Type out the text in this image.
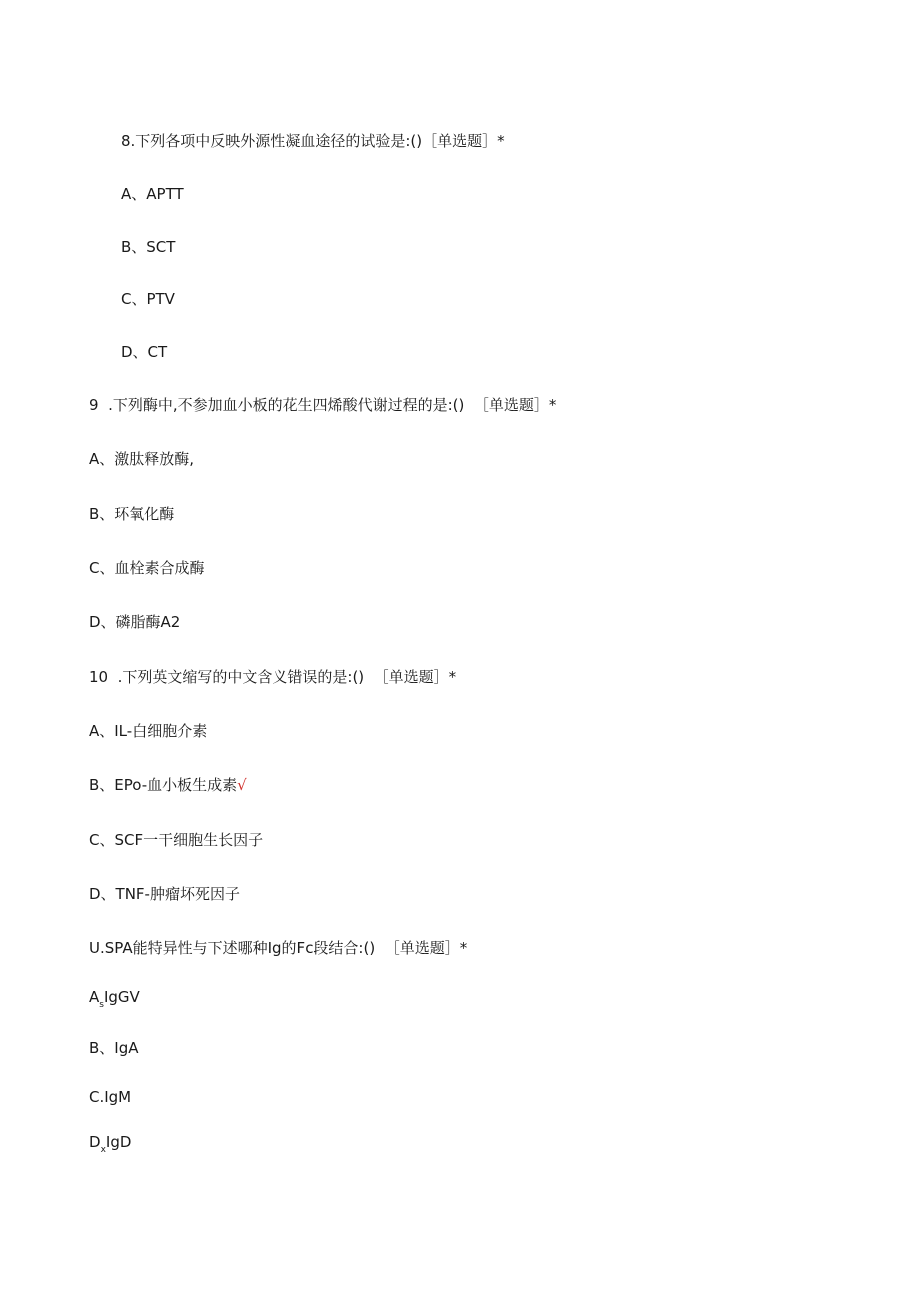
8.下列各项中反映外源性凝血途径的试验是:()［单选题］*
A、APTT
B、SCT
C、PTV
D、CT
9  .下列酶中,不参加血小板的花生四烯酸代谢过程的是:()  ［单选题］*
A、激肽释放酶,
B、环氧化酶
C、血栓素合成酶
D、磷脂酶A2
10  .下列英文缩写的中文含义错误的是:()  ［单选题］*
A、IL-白细胞介素
B、EPo-血小板生成素√
C、SCF一干细胞生长因子
D、TNF-肿瘤坏死因子
U.SPA能特异性与下述哪种Ig的Fc段结合:()  ［单选题］*
$A_sIgGV$
B、IgA
C.IgM
$D_xIgD$
